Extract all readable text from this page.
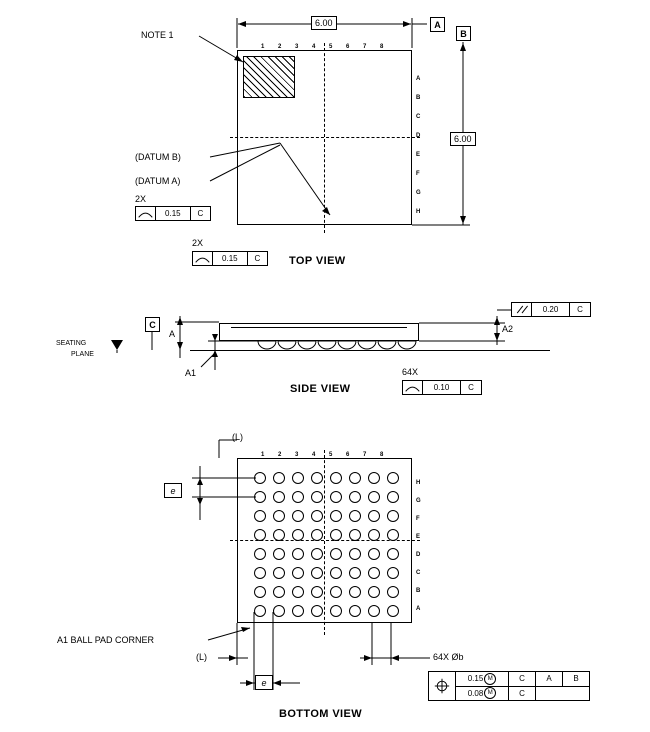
1 2 3 4 5 6 7 8
A
B
C
D
E
F
G
H
6.00	A
B
6.00
NOTE 1
(DATUM B)
(DATUM A)
2X
0.15	C
2X
0.15	C	TOP VIEW
SEATING
PLANE
C
A
A1
A2
0.20	C
64X
0.10	C
SIDE VIEW
1 2 3 4 5 6 7 8
H
G
F
E
D
C
B
A
(L)
e
e
(L)
A1 BALL PAD CORNER
64X Øb
0.15 M	C	A	B
0.08 M	C
BOTTOM VIEW
